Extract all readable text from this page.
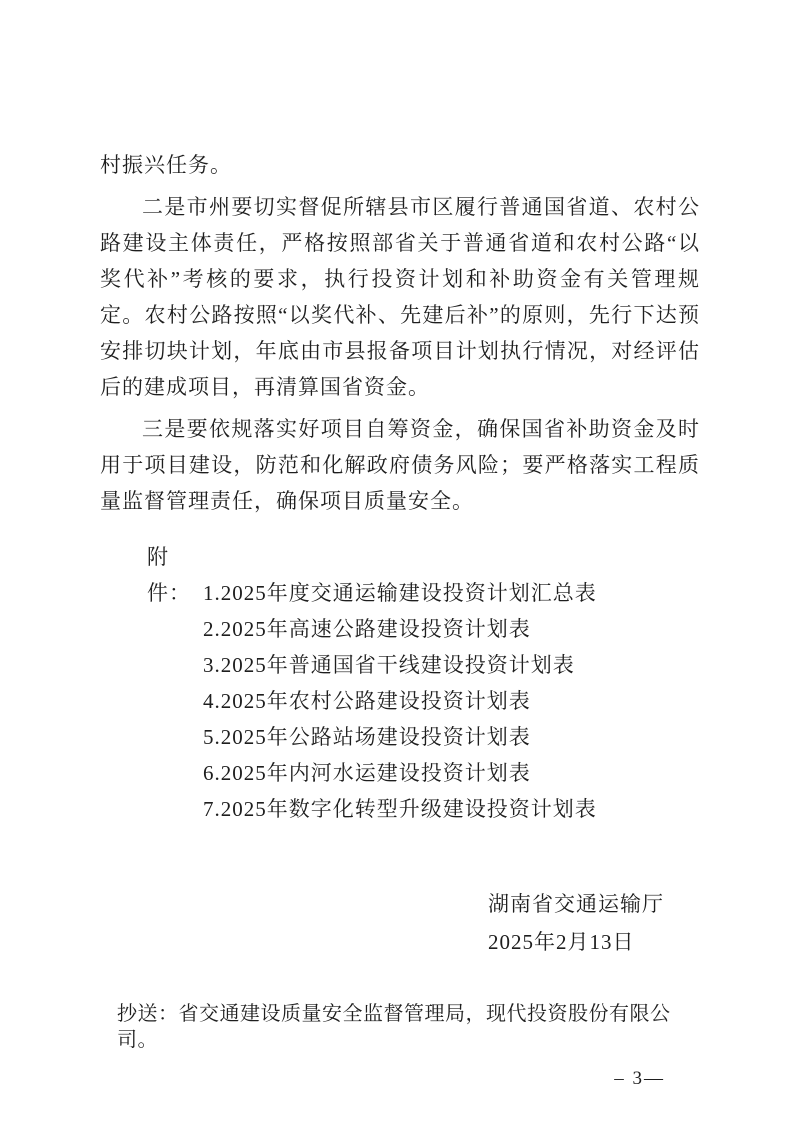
村振兴任务。

二是市州要切实督促所辖县市区履行普通国省道、农村公路建设主体责任，严格按照部省关于普通省道和农村公路“以奖代补”考核的要求，执行投资计划和补助资金有关管理规定。农村公路按照“以奖代补、先建后补”的原则，先行下达预安排切块计划，年底由市县报备项目计划执行情况，对经评估后的建成项目，再清算国省资金。

三是要依规落实好项目自筹资金，确保国省补助资金及时用于项目建设，防范和化解政府债务风险；要严格落实工程质量监督管理责任，确保项目质量安全。

附件： 1.2025年度交通运输建设投资计划汇总表
2.2025年高速公路建设投资计划表
3.2025年普通国省干线建设投资计划表
4.2025年农村公路建设投资计划表
5.2025年公路站场建设投资计划表
6.2025年内河水运建设投资计划表
7.2025年数字化转型升级建设投资计划表
湖南省交通运输厅
2025年2月13日
抄送：省交通建设质量安全监督管理局，现代投资股份有限公司。
– 3—
